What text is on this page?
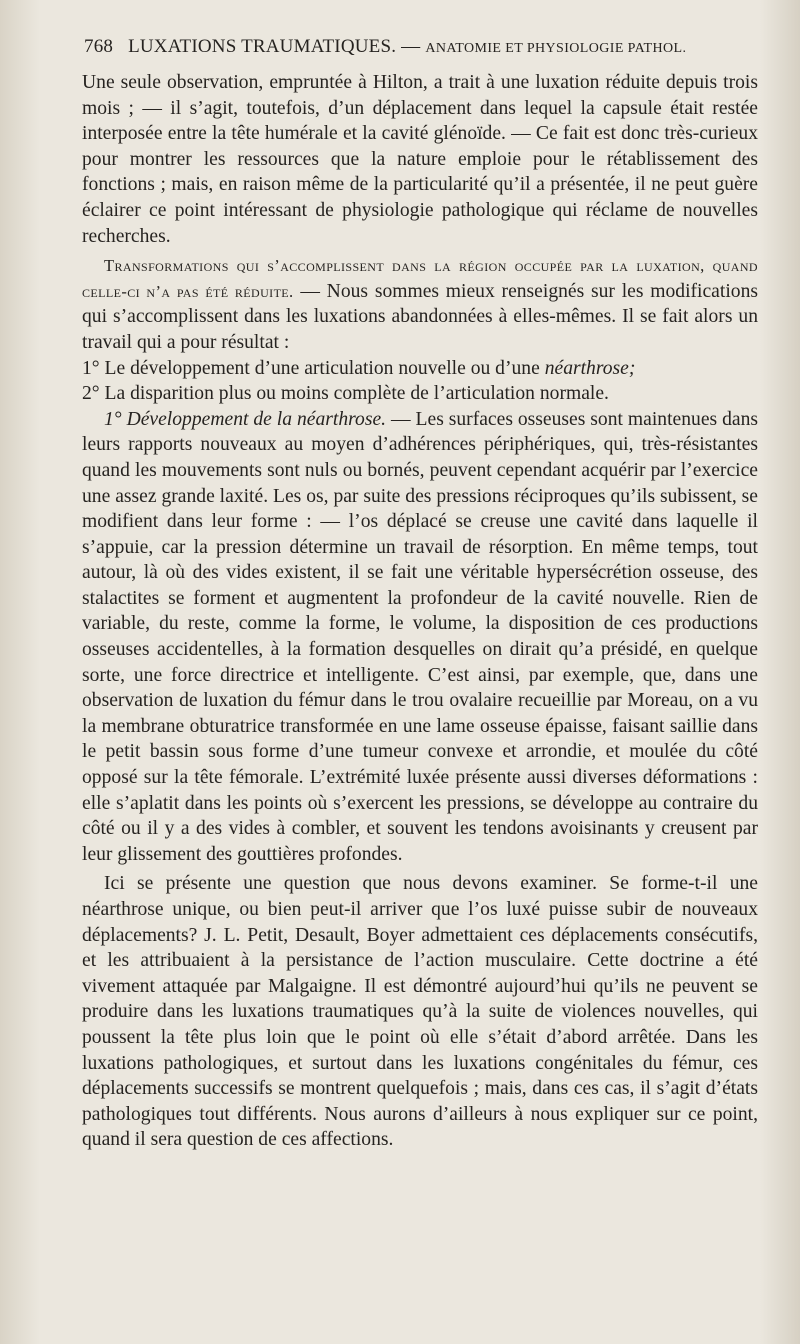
768 LUXATIONS TRAUMATIQUES. — ANATOMIE ET PHYSIOLOGIE PATHOL.

Une seule observation, empruntée à Hilton, a trait à une luxation réduite depuis trois mois ; — il s’agit, toutefois, d’un déplacement dans lequel la capsule était restée interposée entre la tête humérale et la cavité glénoïde. — Ce fait est donc très-curieux pour montrer les ressources que la nature emploie pour le rétablissement des fonctions ; mais, en raison même de la particularité qu’il a présentée, il ne peut guère éclairer ce point intéressant de physiologie pathologique qui réclame de nouvelles recherches.

Transformations qui s’accomplissent dans la région occupée par la luxation, quand celle-ci n’a pas été réduite. — Nous sommes mieux renseignés sur les modifications qui s’accomplissent dans les luxations abandonnées à elles-mêmes. Il se fait alors un travail qui a pour résultat :

1° Le développement d’une articulation nouvelle ou d’une néarthrose;

2° La disparition plus ou moins complète de l’articulation normale.

1° Développement de la néarthrose. — Les surfaces osseuses sont maintenues dans leurs rapports nouveaux au moyen d’adhérences périphériques, qui, très-résistantes quand les mouvements sont nuls ou bornés, peuvent cependant acquérir par l’exercice une assez grande laxité. Les os, par suite des pressions réciproques qu’ils subissent, se modifient dans leur forme : — l’os déplacé se creuse une cavité dans laquelle il s’appuie, car la pression détermine un travail de résorption. En même temps, tout autour, là où des vides existent, il se fait une véritable hypersécrétion osseuse, des stalactites se forment et augmentent la profondeur de la cavité nouvelle. Rien de variable, du reste, comme la forme, le volume, la disposition de ces productions osseuses accidentelles, à la formation desquelles on dirait qu’a présidé, en quelque sorte, une force directrice et intelligente. C’est ainsi, par exemple, que, dans une observation de luxation du fémur dans le trou ovalaire recueillie par Moreau, on a vu la membrane obturatrice transformée en une lame osseuse épaisse, faisant saillie dans le petit bassin sous forme d’une tumeur convexe et arrondie, et moulée du côté opposé sur la tête fémorale. L’extrémité luxée présente aussi diverses déformations : elle s’aplatit dans les points où s’exercent les pressions, se développe au contraire du côté ou il y a des vides à combler, et souvent les tendons avoisinants y creusent par leur glissement des gouttières profondes.

Ici se présente une question que nous devons examiner. Se forme-t-il une néarthrose unique, ou bien peut-il arriver que l’os luxé puisse subir de nouveaux déplacements? J. L. Petit, Desault, Boyer admettaient ces déplacements consécutifs, et les attribuaient à la persistance de l’action musculaire. Cette doctrine a été vivement attaquée par Malgaigne. Il est démontré aujourd’hui qu’ils ne peuvent se produire dans les luxations traumatiques qu’à la suite de violences nouvelles, qui poussent la tête plus loin que le point où elle s’était d’abord arrêtée. Dans les luxations pathologiques, et surtout dans les luxations congénitales du fémur, ces déplacements successifs se montrent quelquefois ; mais, dans ces cas, il s’agit d’états pathologiques tout différents. Nous aurons d’ailleurs à nous expliquer sur ce point, quand il sera question de ces affections.
